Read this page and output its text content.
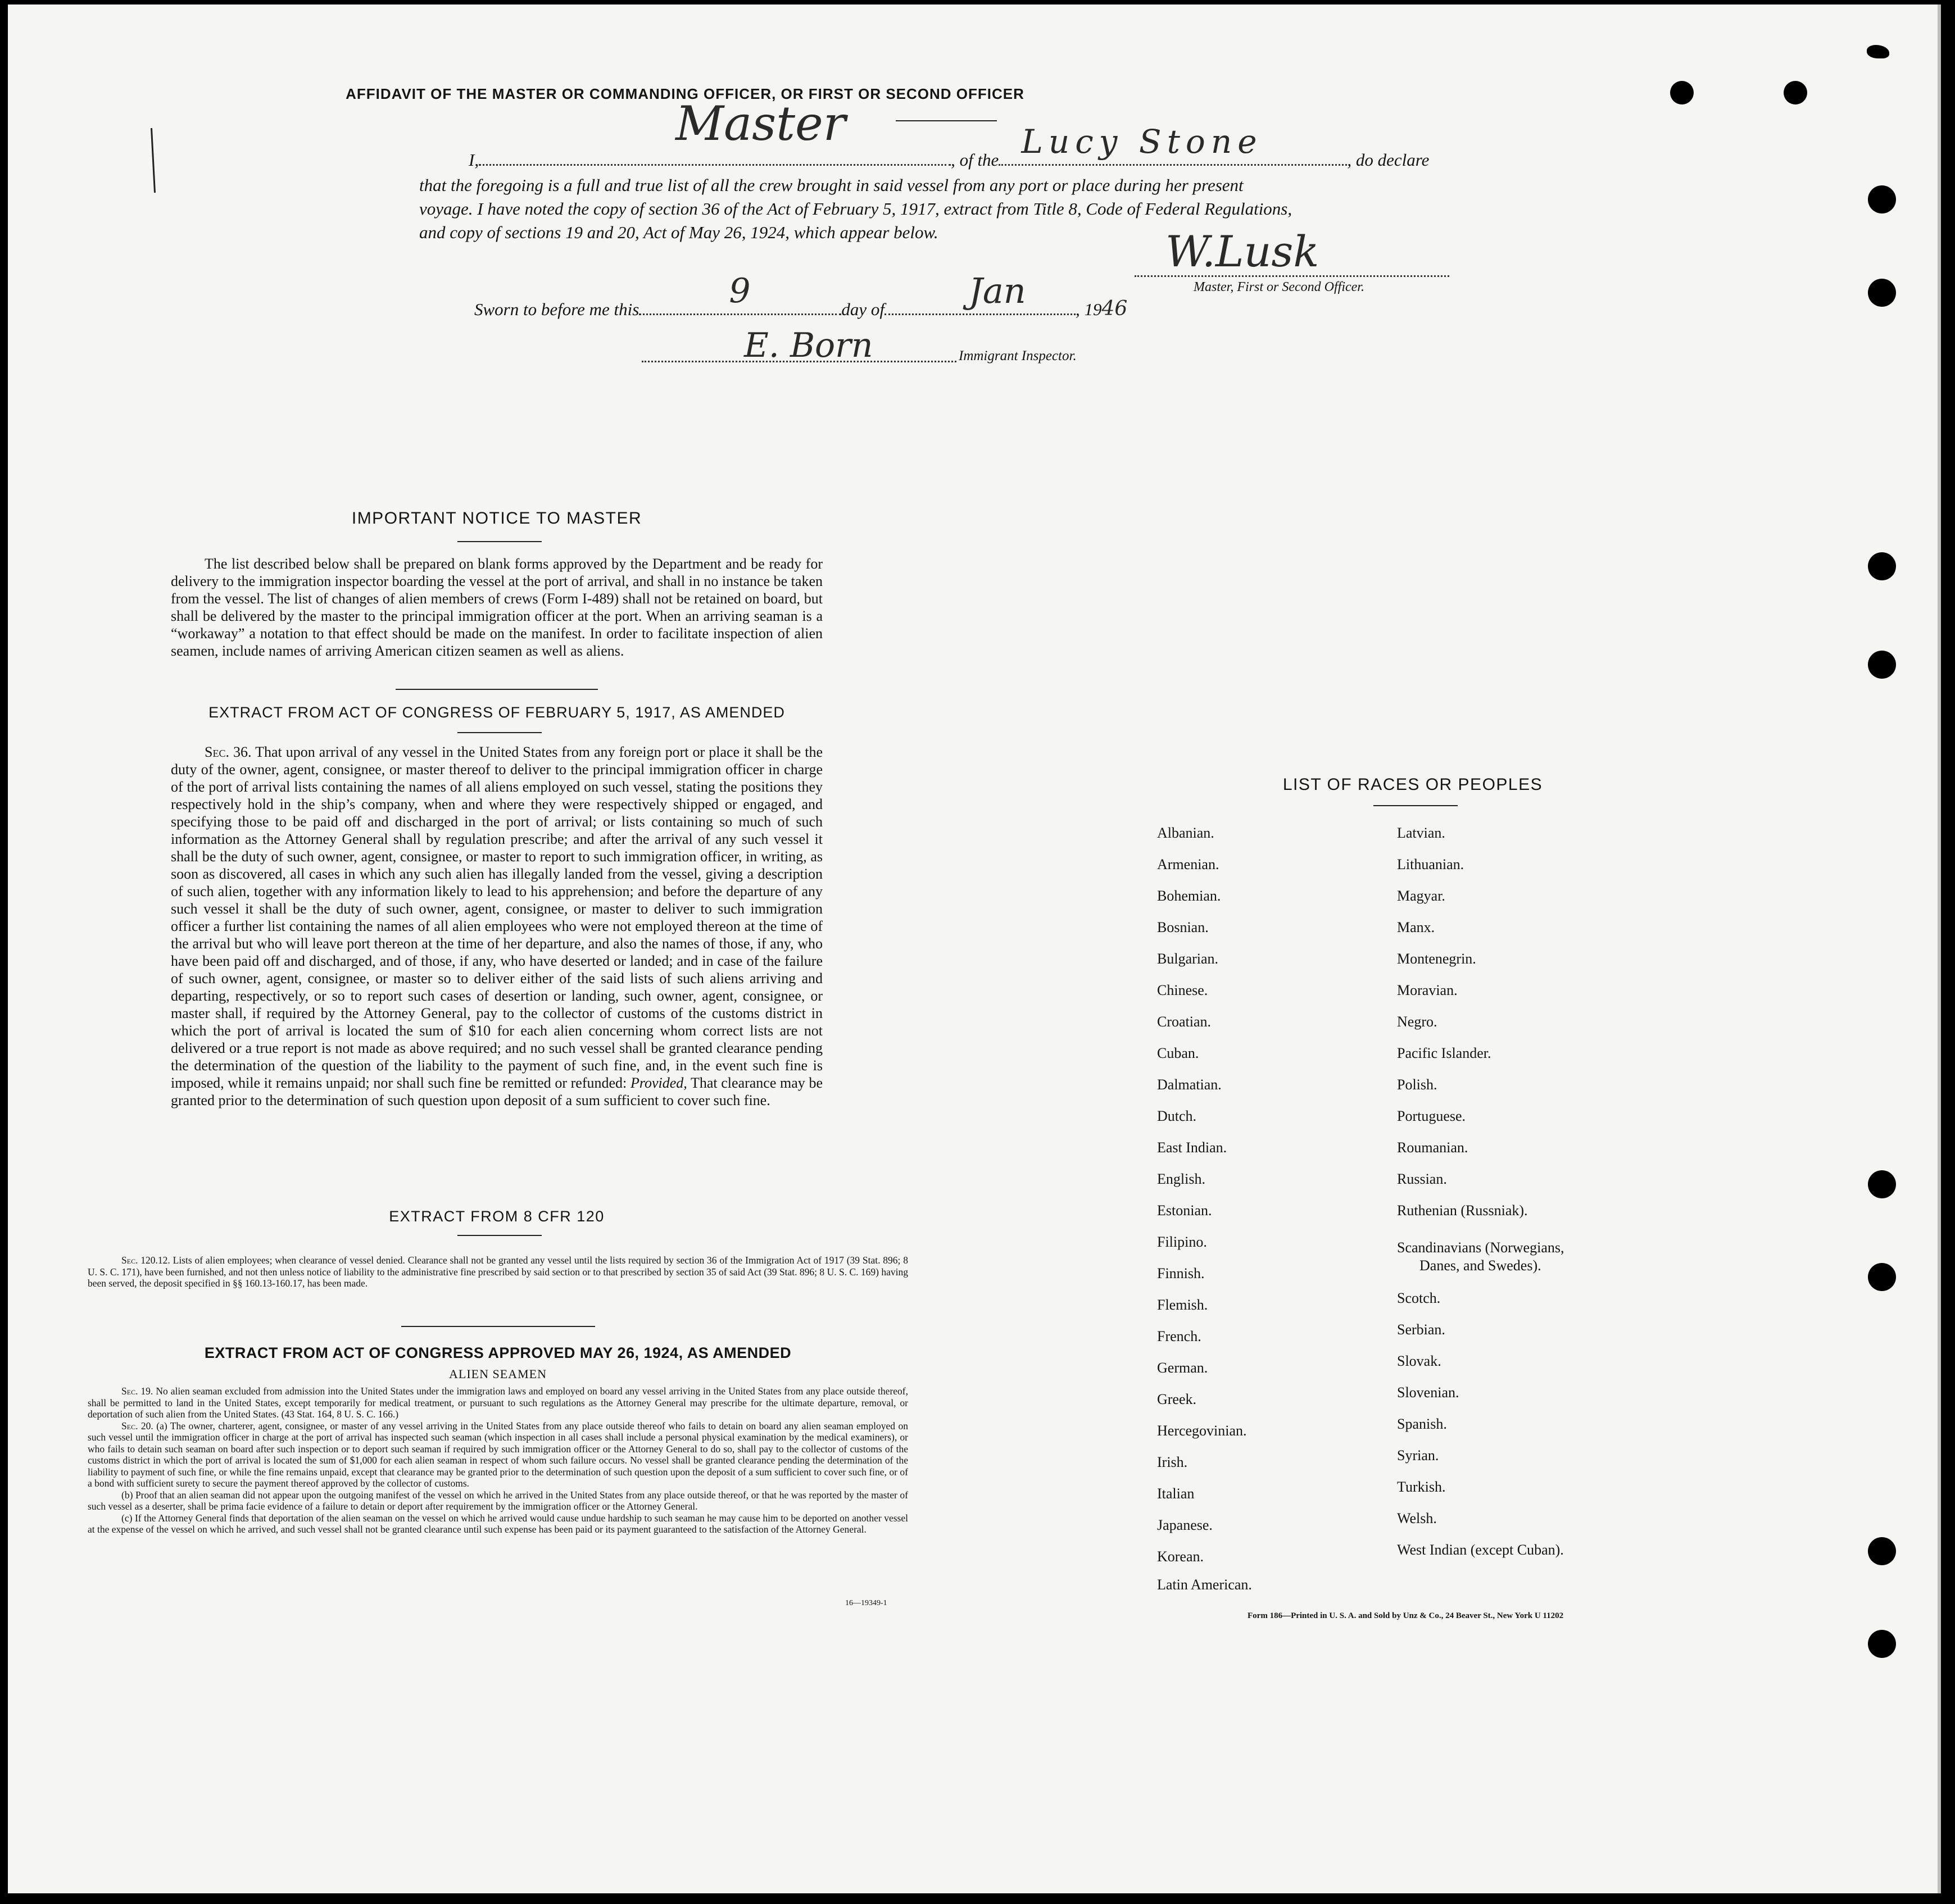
AFFIDAVIT OF THE MASTER OR COMMANDING OFFICER, OR FIRST OR SECOND OFFICER
I,
Master
, of the Lucy Stone	, do declare
that the foregoing is a full and true list of all the crew brought in said vessel from any port or place during her present
voyage. I have noted the copy of section 36 of the Act of February 5, 1917, extract from Title 8, Code of Federal Regulations,
and copy of sections 19 and 20, Act of May 26, 1924, which appear below.	W.Lusk
Master, First or Second Officer.
Sworn to before me this	9	day of Jan	, 1946
E. Born	Immigrant Inspector.
IMPORTANT NOTICE TO MASTER
The list described below shall be prepared on blank forms approved by the Department and be ready for delivery to the immigration inspector boarding the vessel at the port of arrival, and shall in no instance be taken from the vessel. The list of changes of alien members of crews (Form I-489) shall not be retained on board, but shall be delivered by the master to the principal immigration officer at the port. When an arriving seaman is a “workaway” a notation to that effect should be made on the manifest. In order to facilitate inspection of alien seamen, include names of arriving American citizen seamen as well as aliens.
EXTRACT FROM ACT OF CONGRESS OF FEBRUARY 5, 1917, AS AMENDED
Sec. 36. That upon arrival of any vessel in the United States from any foreign port or place it shall be the duty of the owner, agent, consignee, or master thereof to deliver to the principal immigration officer in charge of the port of arrival lists containing the names of all aliens employed on such vessel, stating the positions they respectively hold in the ship’s company, when and where they were respectively shipped or engaged, and specifying those to be paid off and discharged in the port of arrival; or lists containing so much of such information as the Attorney General shall by regulation prescribe; and after the arrival of any such vessel it shall be the duty of such owner, agent, consignee, or master to report to such immigration officer, in writing, as soon as discovered, all cases in which any such alien has illegally landed from the vessel, giving a description of such alien, together with any information likely to lead to his apprehension; and before the departure of any such vessel it shall be the duty of such owner, agent, consignee, or master to deliver to such immigration officer a further list containing the names of all alien employees who were not employed thereon at the time of the arrival but who will leave port thereon at the time of her departure, and also the names of those, if any, who have been paid off and discharged, and of those, if any, who have deserted or landed; and in case of the failure of such owner, agent, consignee, or master so to deliver either of the said lists of such aliens arriving and departing, respectively, or so to report such cases of desertion or landing, such owner, agent, consignee, or master shall, if required by the Attorney General, pay to the collector of customs of the customs district in which the port of arrival is located the sum of $10 for each alien concerning whom correct lists are not delivered or a true report is not made as above required; and no such vessel shall be granted clearance pending the determination of the question of the liability to the payment of such fine, and, in the event such fine is imposed, while it remains unpaid; nor shall such fine be remitted or refunded: Provided, That clearance may be granted prior to the determination of such question upon deposit of a sum sufficient to cover such fine.
EXTRACT FROM 8 CFR 120
Sec. 120.12. Lists of alien employees; when clearance of vessel denied. Clearance shall not be granted any vessel until the lists required by section 36 of the Immigration Act of 1917 (39 Stat. 896; 8 U. S. C. 171), have been furnished, and not then unless notice of liability to the administrative fine prescribed by said section or to that prescribed by section 35 of said Act (39 Stat. 896; 8 U. S. C. 169) having been served, the deposit specified in §§ 160.13-160.17, has been made.
EXTRACT FROM ACT OF CONGRESS APPROVED MAY 26, 1924, AS AMENDED
ALIEN SEAMEN
Sec. 19. No alien seaman excluded from admission into the United States under the immigration laws and employed on board any vessel arriving in the United States from any place outside thereof, shall be permitted to land in the United States, except temporarily for medical treatment, or pursuant to such regulations as the Attorney General may prescribe for the ultimate departure, removal, or deportation of such alien from the United States. (43 Stat. 164, 8 U. S. C. 166.)
Sec. 20. (a) The owner, charterer, agent, consignee, or master of any vessel arriving in the United States from any place outside thereof who fails to detain on board any alien seaman employed on such vessel until the immigration officer in charge at the port of arrival has inspected such seaman (which inspection in all cases shall include a personal physical examination by the medical examiners), or who fails to detain such seaman on board after such inspection or to deport such seaman if required by such immigration officer or the Attorney General to do so, shall pay to the collector of customs of the customs district in which the port of arrival is located the sum of $1,000 for each alien seaman in respect of whom such failure occurs. No vessel shall be granted clearance pending the determination of the liability to payment of such fine, or while the fine remains unpaid, except that clearance may be granted prior to the determination of such question upon the deposit of a sum sufficient to cover such fine, or of a bond with sufficient surety to secure the payment thereof approved by the collector of customs.
(b) Proof that an alien seaman did not appear upon the outgoing manifest of the vessel on which he arrived in the United States from any place outside thereof, or that he was reported by the master of such vessel as a deserter, shall be prima facie evidence of a failure to detain or deport after requirement by the immigration officer or the Attorney General.
(c) If the Attorney General finds that deportation of the alien seaman on the vessel on which he arrived would cause undue hardship to such seaman he may cause him to be deported on another vessel at the expense of the vessel on which he arrived, and such vessel shall not be granted clearance until such expense has been paid or its payment guaranteed to the satisfaction of the Attorney General.
16—19349-1
LIST OF RACES OR PEOPLES
Albanian.
Armenian.
Bohemian.
Bosnian.
Bulgarian.
Chinese.
Croatian.
Cuban.
Dalmatian.
Dutch.
East Indian.
English.
Estonian.
Filipino.
Finnish.
Flemish.
French.
German.
Greek.
Hercegovinian.
Irish.
Italian
Japanese.
Korean.
Latin American.
Latvian.
Lithuanian.
Magyar.
Manx.
Montenegrin.
Moravian.
Negro.
Pacific Islander.
Polish.
Portuguese.
Roumanian.
Russian.
Ruthenian (Russniak).
Scandinavians (Norwegians,
Danes, and Swedes).
Scotch.
Serbian.
Slovak.
Slovenian.
Spanish.
Syrian.
Turkish.
Welsh.
West Indian (except Cuban).
Form 186—Printed in U. S. A. and Sold by Unz & Co., 24 Beaver St., New York U 11202
